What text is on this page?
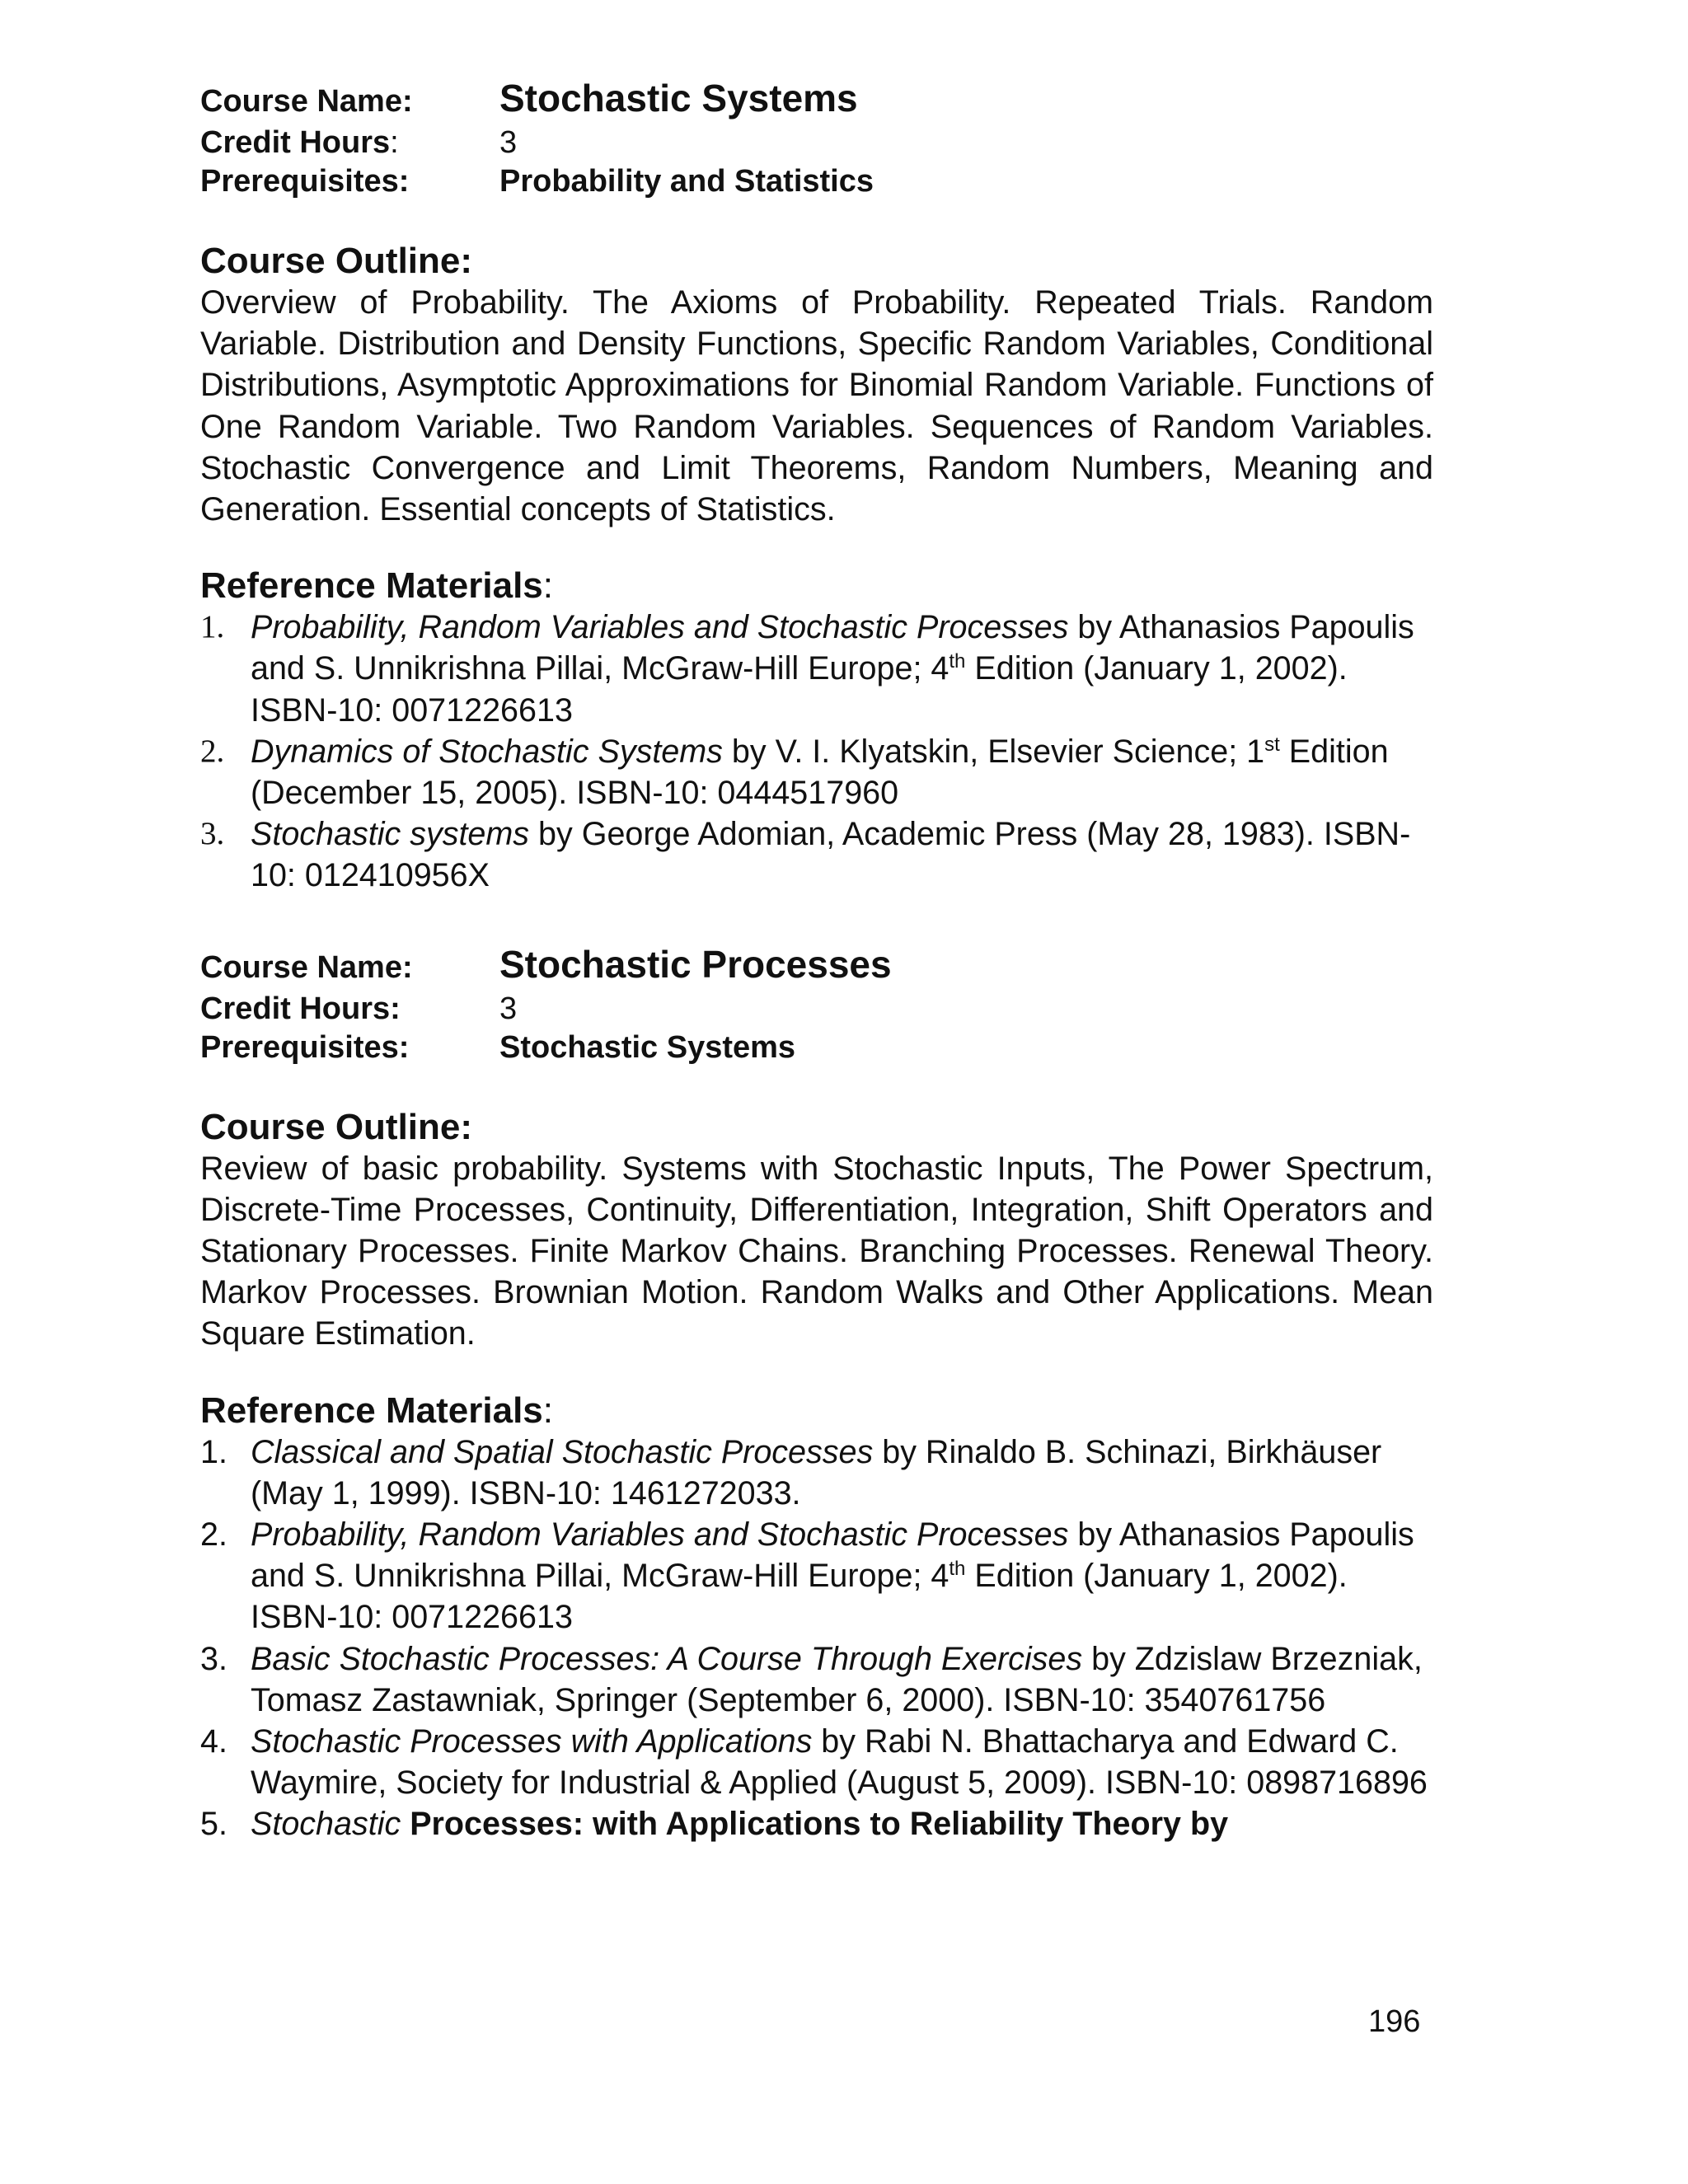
Course Name:	Stochastic Systems
Credit Hours:	3
Prerequisites:	Probability and Statistics
Course Outline:

Overview of Probability. The Axioms of Probability. Repeated Trials. Random Variable. Distribution and Density Functions, Specific Random Variables, Conditional Distributions, Asymptotic Approximations for Binomial Random Variable. Functions of One Random Variable. Two Random Variables. Sequences of Random Variables. Stochastic Convergence and Limit Theorems, Random Numbers, Meaning and Generation. Essential concepts of Statistics.

Reference Materials:
1. Probability, Random Variables and Stochastic Processes by Athanasios Papoulis and S. Unnikrishna Pillai, McGraw-Hill Europe; 4th Edition (January 1, 2002). ISBN-10: 0071226613
2. Dynamics of Stochastic Systems by V. I. Klyatskin, Elsevier Science; 1st Edition (December 15, 2005). ISBN-10: 0444517960
3. Stochastic systems by George Adomian, Academic Press (May 28, 1983). ISBN-10: 012410956X
Course Name:	Stochastic Processes
Credit Hours:	3
Prerequisites:	Stochastic Systems
Course Outline:

Review of basic probability. Systems with Stochastic Inputs, The Power Spectrum, Discrete-Time Processes, Continuity, Differentiation, Integration, Shift Operators and Stationary Processes. Finite Markov Chains. Branching Processes. Renewal Theory. Markov Processes. Brownian Motion. Random Walks and Other Applications. Mean Square Estimation.

Reference Materials:
1. Classical and Spatial Stochastic Processes by Rinaldo B. Schinazi, Birkhäuser (May 1, 1999). ISBN-10: 1461272033.
2. Probability, Random Variables and Stochastic Processes by Athanasios Papoulis and S. Unnikrishna Pillai, McGraw-Hill Europe; 4th Edition (January 1, 2002). ISBN-10: 0071226613
3. Basic Stochastic Processes: A Course Through Exercises by Zdzislaw Brzezniak, Tomasz Zastawniak, Springer (September 6, 2000). ISBN-10: 3540761756
4. Stochastic Processes with Applications by Rabi N. Bhattacharya and Edward C. Waymire, Society for Industrial & Applied (August 5, 2009). ISBN-10: 0898716896
5. Stochastic Processes: with Applications to Reliability Theory by
196
